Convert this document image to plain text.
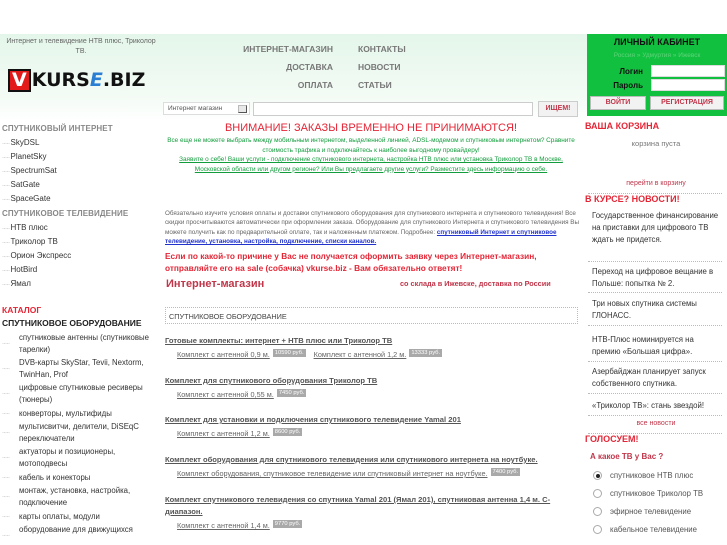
Интернет и телевидение НТВ плюс, Триколор ТВ.
V KURS E .BIZ
ИНТЕРНЕТ-МАГАЗИН	КОНТАКТЫ
ДОСТАВКА	НОВОСТИ
ОПЛАТА	СТАТЬИ
Интернет магазин	ИЩЕМ!
ЛИЧНЫЙ КАБИНЕТ
Россия » Удмуртия » Ижевск
Логин
Пароль
ВОЙТИ	РЕГИСТРАЦИЯ
СПУТНИКОВЫЙ ИНТЕРНЕТ
·····SkyDSL
·····PlanetSky
·····SpectrumSat
·····SatGate
·····SpaceGate
СПУТНИКОВОЕ ТЕЛЕВИДЕНИЕ
·····НТВ плюс
·····Триколор ТВ
·····Орион Экспресс
·····HotBird
·····Ямал
КАТАЛОГ
СПУТНИКОВОЕ ОБОРУДОВАНИЕ
·····
спутниковые антенны (спутниковые тарелки)
·····
DVB-карты SkyStar, Tevii, Nextorm, TwinHan, Prof
·····
цифровые спутниковые ресиверы (тюнеры)
·····	конверторы, мультифиды
·····
мультисвитчи, делители, DiSEqC переключатели
·····
актуаторы и позиционеры, мотоподвесы
·····	кабель и конекторы
·····
монтаж, установка, настройка, подключение
·····	карты оплаты, модули
·····
оборудование для движущихся
ВНИМАНИЕ! ЗАКАЗЫ ВРЕМЕННО НЕ ПРИНИМАЮТСЯ!
Все еще не можете выбрать между мобильным интернетом, выделенной линией, ADSL-модемом и спутниковым интернетом? Сравните стоимость трафика и подключайтесь к наиболее выгодному провайдеру!
Заявите о себе! Ваши услуги - подключение спутникового интернета, настройка НТВ плюс или установка Триколор ТВ в Москве, Московской области или другом регионе? Или Вы предлагаете другие услуги? Разместите здесь информацию о себе.
Обязательно изучите условия оплаты и доставки спутникового оборудования для спутникового интернета и спутникового телевидения! Все скидки просчитываются автоматически при оформлении заказа. Оборудование для спутникового Интернета и спутникового телевидения Вы можете получить как по предварительной оплате, так и наложенным платежом. Подробнее: спутниковый Интернет и спутниковое телевидение, установка, настройка, подключение, списки каналов.
Если по какой-то причине у Вас не получается оформить заявку через Интернет-магазин, отправляйте его на sale (собачка) vkurse.biz - Вам обязательно ответят!
Интернет-магазин	со склада в Ижевске, доставка по России
СПУТНИКОВОЕ ОБОРУДОВАНИЕ
Готовые комплекты: интернет + НТВ плюс или Триколор ТВ
Комплект с антенной 0,9 м. 10590 руб. Комплект с антенной 1,2 м. 13333 руб.
Комплект для спутникового оборудования Триколор ТВ
Комплект с антенной 0,55 м. 7450 руб.
Комплект для установки и подключения спутникового телевидение Yamal 201
Комплект с антенной 1,2 м. 8600 руб.
Комплект оборудования для спутникового телевидения или спутникового интернета на ноутбуке.
Комплект оборудования, спутниковое телевидение или спутниковый интернет на ноутбуке. 7400 руб.
Комплект спутникового телевидения со спутника Yamal 201 (Ямал 201), спутниковая антенна 1,4 м. С-диапазон.
Комплект с антенной 1,4 м. 9770 руб.
ВАША КОРЗИНА
корзина пуста
перейти в корзину
В КУРСЕ? НОВОСТИ!
Государственное финансирование на приставки для цифрового ТВ ждать не придется.
Переход на цифровое вещание в Польше: попытка № 2.
Три новых спутника системы ГЛОНАСС.
НТВ-Плюс номинируется на премию «Большая цифра».
Азербайджан планирует запуск собственного спутника.
«Триколор ТВ»: стань звездой!
все новости
ГОЛОСУЕМ!
А какое ТВ у Вас ?
спутниковое НТВ плюс
спутниковое Триколор ТВ
эфирное телевидение
кабельное телевидение
